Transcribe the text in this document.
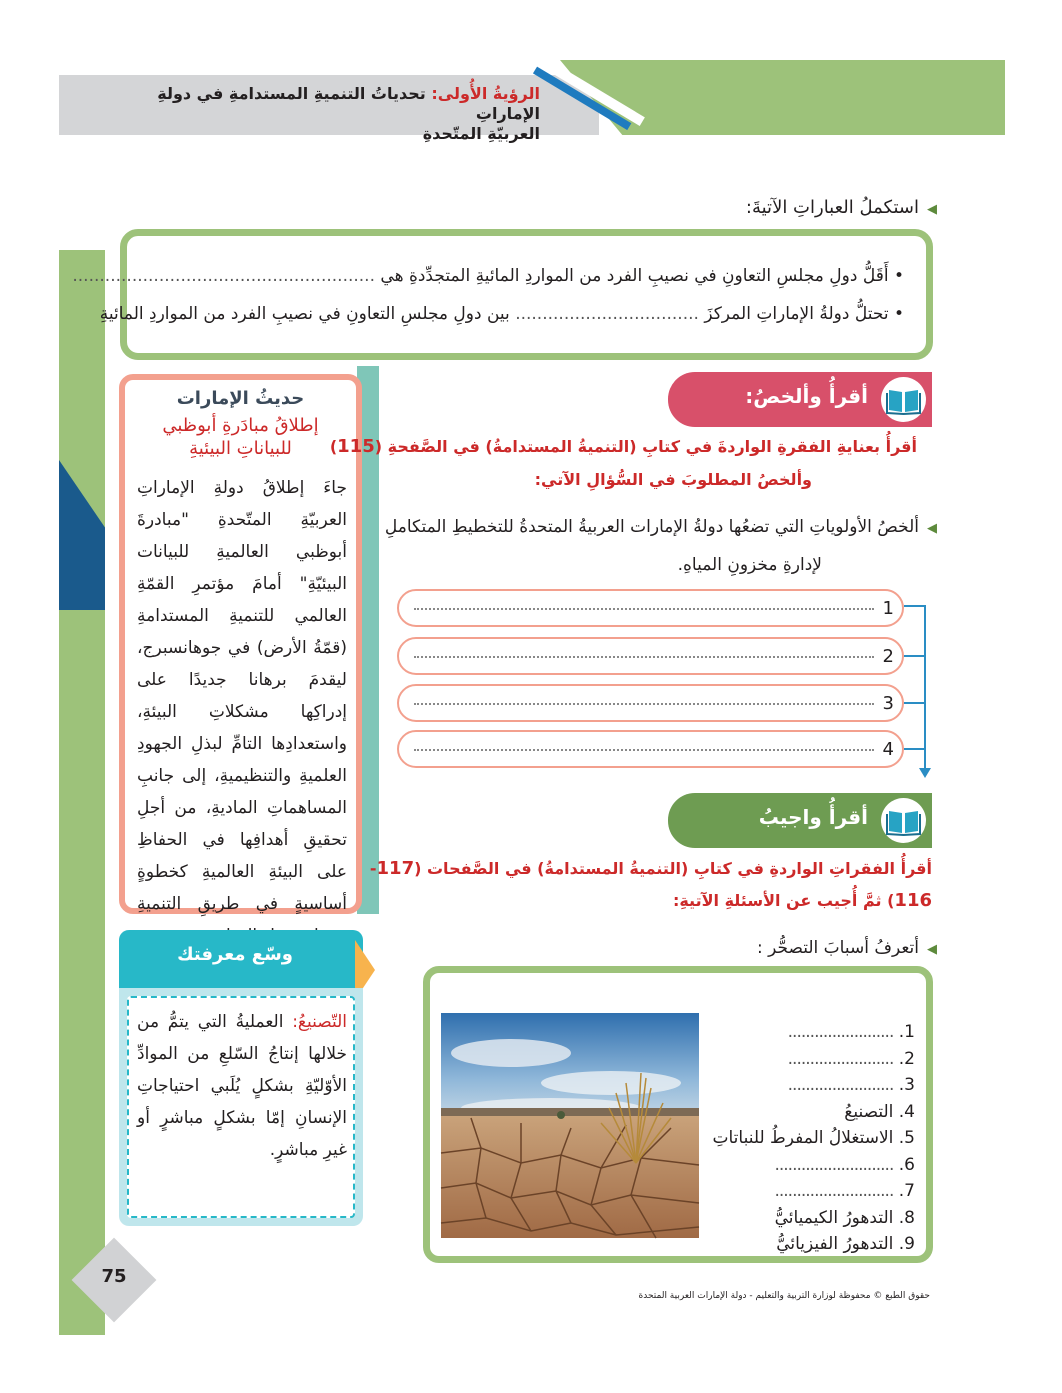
الرؤيةُ الأُولى: تحدياتُ التنميةِ المستدامةِ في دولةِ الإماراتِ
العربيّةِ المتّحدةِ
◀استكملُ العباراتِ الآتيةَ:
• أَقَلُّ دولِ مجلسِ التعاونِ في نصيبِ الفرد من المواردِ المائيةِ المتجدِّدةِ هي ........................................................
• تحتلُّ دولةُ الإماراتِ المركزَ .................................. بين دولِ مجلسِ التعاونِ في نصيبِ الفرد من المواردِ المائيةِ
حديثُ الإمارات
إطلاقُ مبادَرةِ أبوظبي
للبياناتِ البيئيةِ
جاءَ إطلاقُ دولةِ الإماراتِ العربيّةِ المتّحدةِ "مبادرةَ أبوظبي العالميةِ للبيانات البيئيّةِ" أمامَ مؤتمرِ القمّةِ العالمي للتنميةِ المستدامةِ (قمّةُ الأرض) في جوهانسبرج، ليقدمَ برهانا جديدًا على إدراكِها مشكلاتِ البيئةِ، واستعدادِها التامِّ لبذلِ الجهودِ العلميةِ والتنظيميةِ، إلى جانبِ المساهماتِ الماديةِ، من أجلِ تحقيقِ أهدافِها في الحفاظِ على البيئةِ العالميةِ كخطوةٍ أساسيةٍ في طريقِ التنميةِ
وسّع معرفتك
التّصنيعُ: العمليةُ التي يتمُّ من خلالها إنتاجُ السّلعِ من الموادِّ الأوّليّةِ بشكلٍ يُلَبي احتياجاتِ الإنسانِ إمّا بشكلٍ مباشرٍ أو غيرِ مباشرٍ.
أقرأُ وألخصُ:
أقرأُ بعنايةِ الفقرةِ الواردةَ في كتابِ (التنميةُ المستدامةُ) في الصَّفحةِ (115)
وألخصُ المطلوبَ في السُّؤالِ الآتي:
◀ألخصُ الأولوياتِ التي تضعُها دولةُ الإمارات العربيةُ المتحدةُ للتخطيطِ المتكاملِ
لإدارةِ مخزونِ المياهِ.
1
2
3
4
أقرأُ واجيبُ
أقرأُ الفقراتِ الواردةِ في كتابِ (التنميةُ المستدامةُ) في الصَّفحات (117-
116) ثمَّ أُجيب عن الأسئلةِ الآتيةِ:
◀أتعرفُ أسبابَ التصحُّر :
1. ........................
2. ........................
3. ........................
4. التصنيعُ
5. الاستغلالُ المفرطُ للنباتاتِ
6. ...........................
7. ...........................
8. التدهورُ الكيميائيُّ
9. التدهورُ الفيزيائيُّ
75
حقوق الطبع © محفوظة لوزارة التربية والتعليم - دولة الإمارات العربية المتحدة
